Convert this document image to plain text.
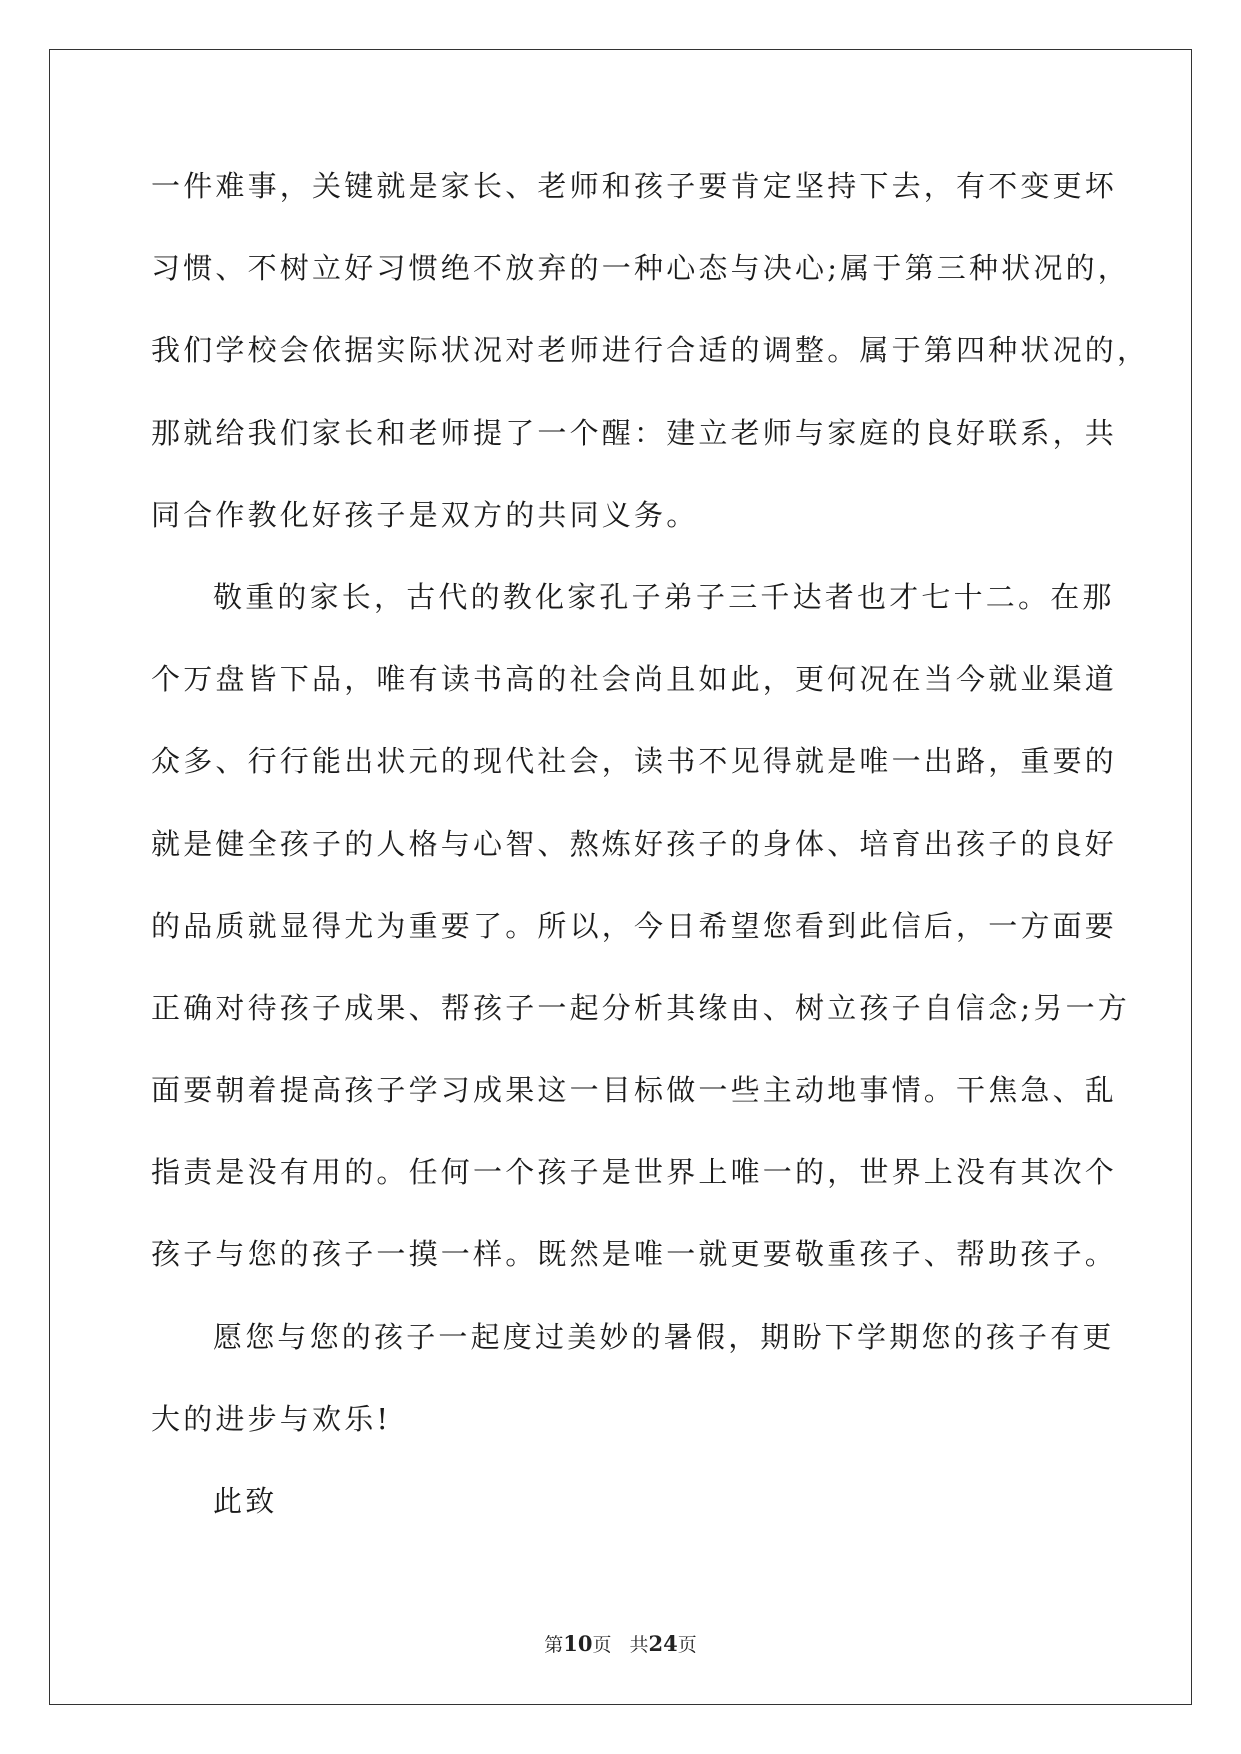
一件难事，关键就是家长、老师和孩子要肯定坚持下去，有不变更坏
习惯、不树立好习惯绝不放弃的一种心态与决心;属于第三种状况的，
我们学校会依据实际状况对老师进行合适的调整。属于第四种状况的，
那就给我们家长和老师提了一个醒：建立老师与家庭的良好联系，共
同合作教化好孩子是双方的共同义务。
敬重的家长，古代的教化家孔子弟子三千达者也才七十二。在那
个万盘皆下品，唯有读书高的社会尚且如此，更何况在当今就业渠道
众多、行行能出状元的现代社会，读书不见得就是唯一出路，重要的
就是健全孩子的人格与心智、熬炼好孩子的身体、培育出孩子的良好
的品质就显得尤为重要了。所以，今日希望您看到此信后，一方面要
正确对待孩子成果、帮孩子一起分析其缘由、树立孩子自信念;另一方
面要朝着提高孩子学习成果这一目标做一些主动地事情。干焦急、乱
指责是没有用的。任何一个孩子是世界上唯一的，世界上没有其次个
孩子与您的孩子一摸一样。既然是唯一就更要敬重孩子、帮助孩子。
愿您与您的孩子一起度过美妙的暑假，期盼下学期您的孩子有更
大的进步与欢乐!
此致
第10页 共24页
